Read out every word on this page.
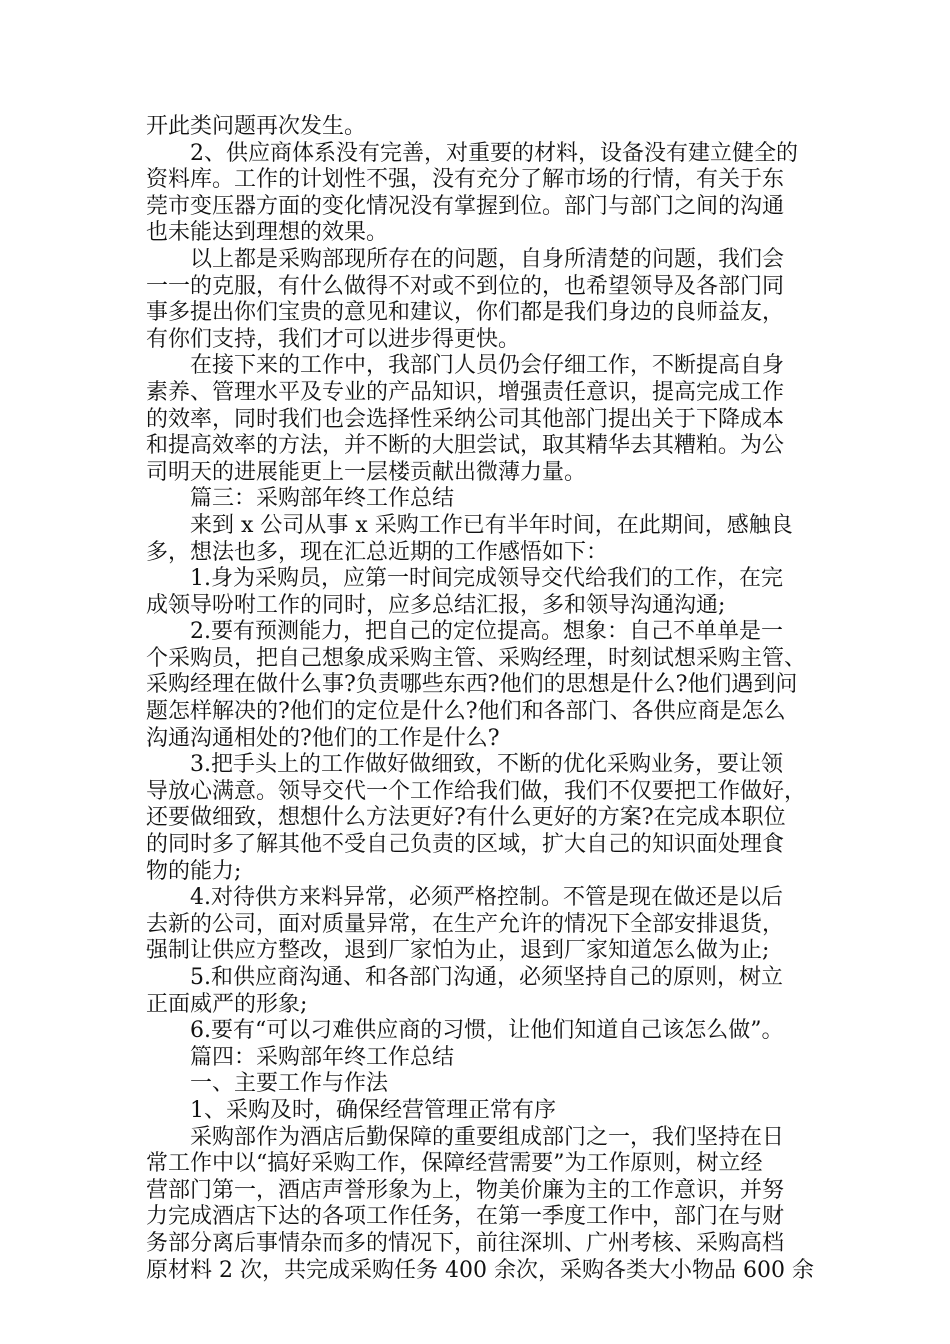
开此类问题再次发生。
2、供应商体系没有完善，对重要的材料，设备没有建立健全的
资料库。工作的计划性不强，没有充分了解市场的行情，有关于东
莞市变压器方面的变化情况没有掌握到位。部门与部门之间的沟通
也未能达到理想的效果。
以上都是采购部现所存在的问题，自身所清楚的问题，我们会
一一的克服，有什么做得不对或不到位的，也希望领导及各部门同
事多提出你们宝贵的意见和建议，你们都是我们身边的良师益友，
有你们支持，我们才可以进步得更快。
在接下来的工作中，我部门人员仍会仔细工作，不断提高自身
素养、管理水平及专业的产品知识，增强责任意识，提高完成工作
的效率，同时我们也会选择性采纳公司其他部门提出关于下降成本
和提高效率的方法，并不断的大胆尝试，取其精华去其糟粕。为公
司明天的进展能更上一层楼贡献出微薄力量。
篇三：采购部年终工作总结
来到 x 公司从事 x 采购工作已有半年时间，在此期间，感触良
多，想法也多，现在汇总近期的工作感悟如下：
1.身为采购员，应第一时间完成领导交代给我们的工作，在完
成领导吩咐工作的同时，应多总结汇报，多和领导沟通沟通;
2.要有预测能力，把自己的定位提高。想象：自己不单单是一
个采购员，把自己想象成采购主管、采购经理，时刻试想采购主管、
采购经理在做什么事?负责哪些东西?他们的思想是什么?他们遇到问
题怎样解决的?他们的定位是什么?他们和各部门、各供应商是怎么
沟通沟通相处的?他们的工作是什么?
3.把手头上的工作做好做细致，不断的优化采购业务，要让领
导放心满意。领导交代一个工作给我们做，我们不仅要把工作做好，
还要做细致，想想什么方法更好?有什么更好的方案?在完成本职位
的同时多了解其他不受自己负责的区域，扩大自己的知识面处理食
物的能力;
4.对待供方来料异常，必须严格控制。不管是现在做还是以后
去新的公司，面对质量异常，在生产允许的情况下全部安排退货，
强制让供应方整改，退到厂家怕为止，退到厂家知道怎么做为止;
5.和供应商沟通、和各部门沟通，必须坚持自己的原则，树立
正面威严的形象;
6.要有“可以刁难供应商的习惯，让他们知道自己该怎么做”。
篇四：采购部年终工作总结
一、主要工作与作法
1、采购及时，确保经营管理正常有序
采购部作为酒店后勤保障的重要组成部门之一，我们坚持在日
常工作中以“搞好采购工作，保障经营需要”为工作原则，树立经
营部门第一，酒店声誉形象为上，物美价廉为主的工作意识，并努
力完成酒店下达的各项工作任务，在第一季度工作中，部门在与财
务部分离后事情杂而多的情况下，前往深圳、广州考核、采购高档
原材料 2 次，共完成采购任务 400 余次，采购各类大小物品 600 余
